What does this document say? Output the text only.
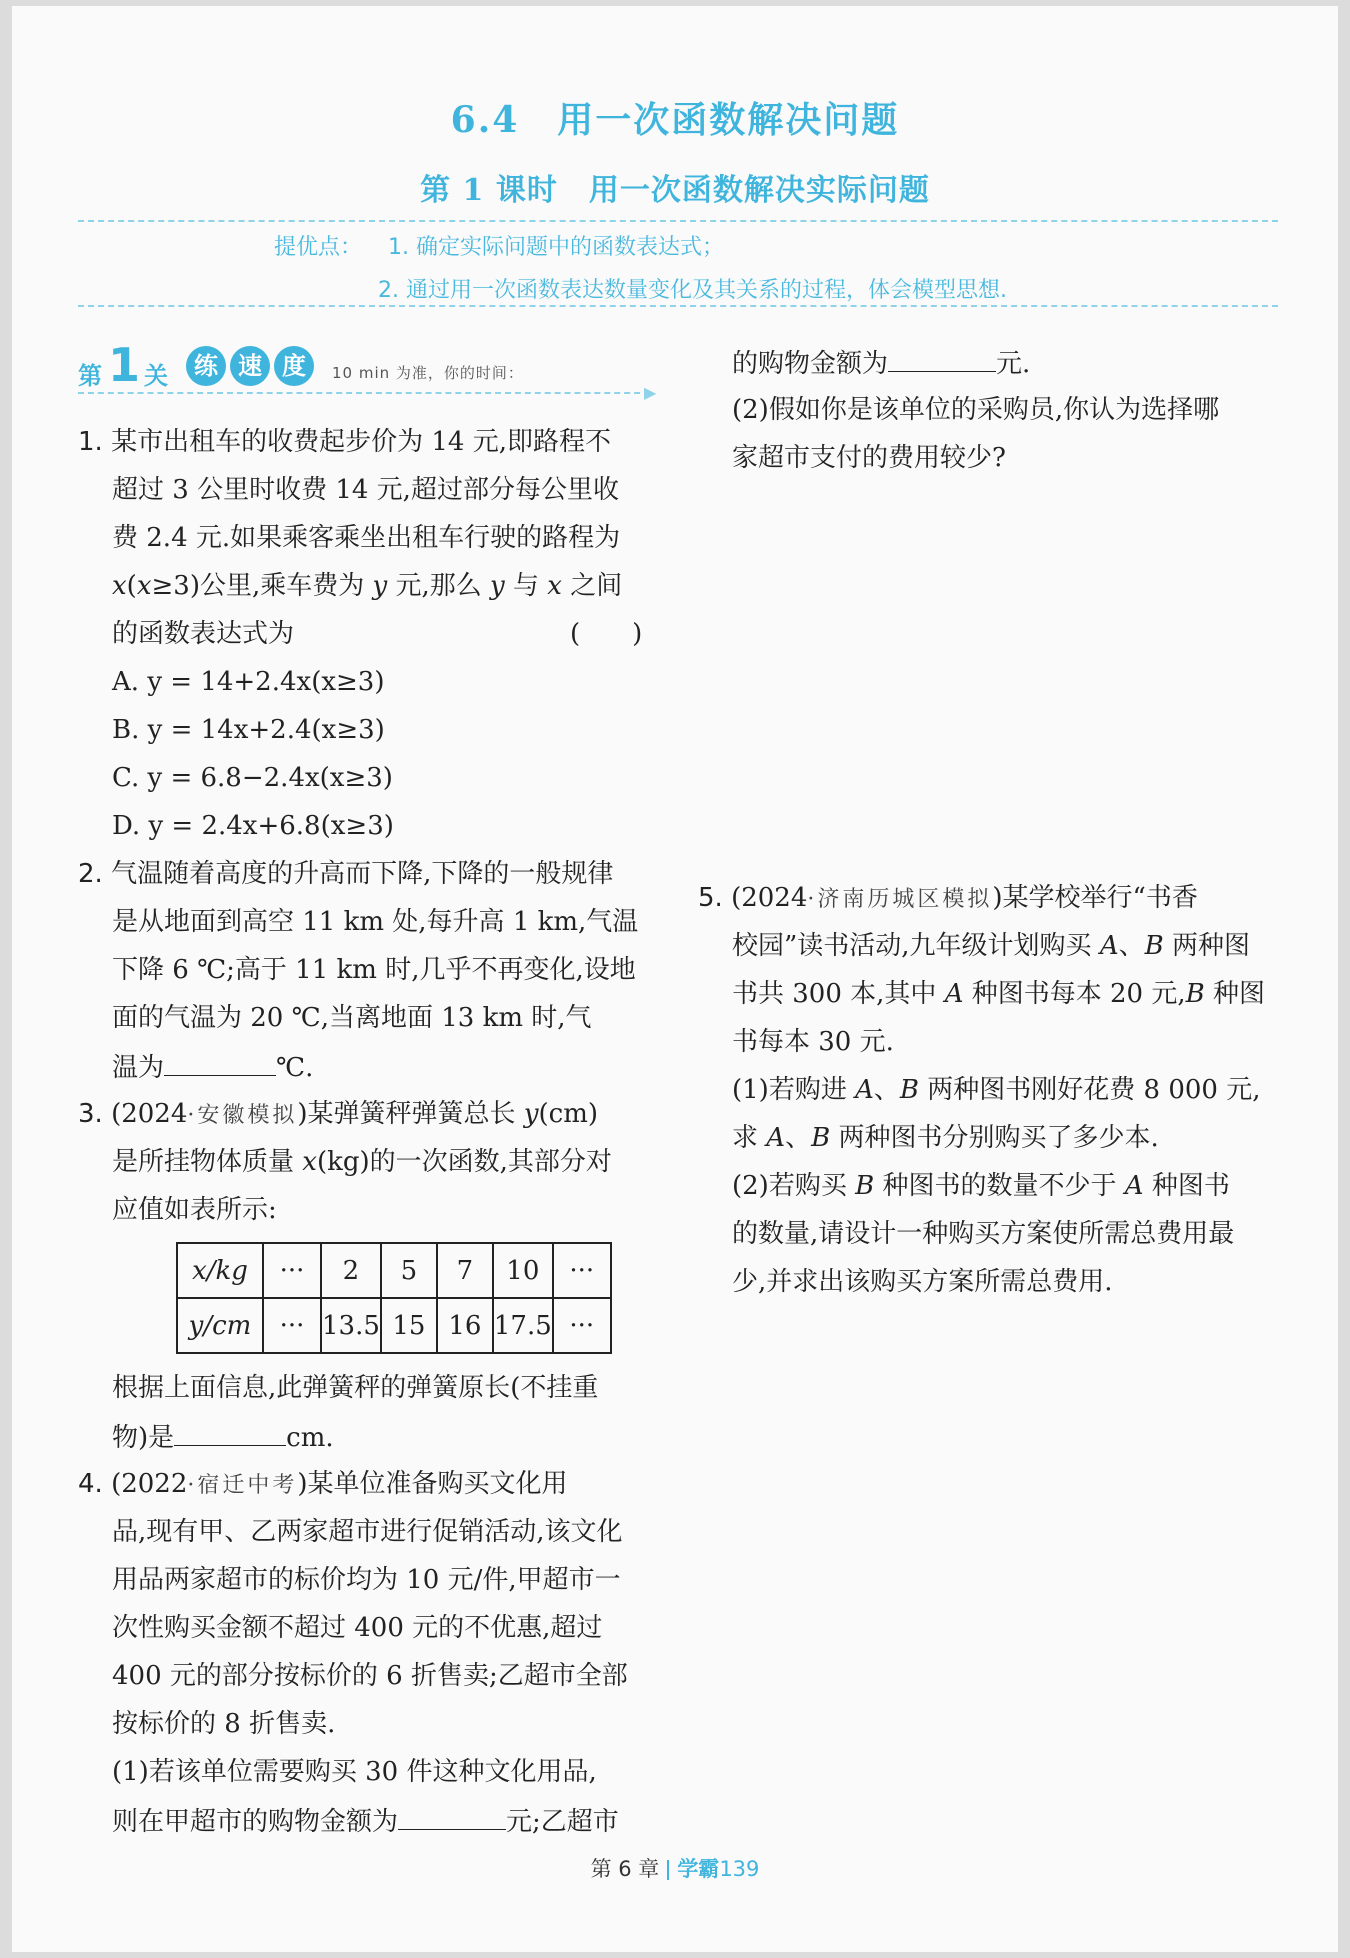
6.4　用一次函数解决问题
第 1 课时　用一次函数解决实际问题
提优点： 1. 确定实际问题中的函数表达式；
2. 通过用一次函数表达数量变化及其关系的过程，体会模型思想.
第 1 关	练 速 度	10 min 为准，你的时间：
▶
1. 某市出租车的收费起步价为 14 元,即路程不
超过 3 公里时收费 14 元,超过部分每公里收
费 2.4 元.如果乘客乘坐出租车行驶的路程为
x(x≥3)公里,乘车费为 y 元,那么 y 与 x 之间
的函数表达式为	(　　)
A. y = 14+2.4x(x≥3)
B. y = 14x+2.4(x≥3)
C. y = 6.8−2.4x(x≥3)
D. y = 2.4x+6.8(x≥3)
2. 气温随着高度的升高而下降,下降的一般规律
是从地面到高空 11 km 处,每升高 1 km,气温
下降 6 ℃;高于 11 km 时,几乎不再变化,设地
面的气温为 20 ℃,当离地面 13 km 时,气
温为	℃.
3. (2024·安徽模拟)某弹簧秤弹簧总长 y(cm)
是所挂物体质量 x(kg)的一次函数,其部分对
应值如表所示:
x/kg	···	2	5	7	10	···
y/cm	···	13.5	15	16	17.5	···
根据上面信息,此弹簧秤的弹簧原长(不挂重
物)是	cm.
4. (2022·宿迁中考)某单位准备购买文化用
品,现有甲、乙两家超市进行促销活动,该文化
用品两家超市的标价均为 10 元/件,甲超市一
次性购买金额不超过 400 元的不优惠,超过
400 元的部分按标价的 6 折售卖;乙超市全部
按标价的 8 折售卖.
(1)若该单位需要购买 30 件这种文化用品,
则在甲超市的购物金额为	元;乙超市
的购物金额为	元.
(2)假如你是该单位的采购员,你认为选择哪
家超市支付的费用较少?
5. (2024·济南历城区模拟)某学校举行“书香
校园”读书活动,九年级计划购买 A、B 两种图
书共 300 本,其中 A 种图书每本 20 元,B 种图
书每本 30 元.
(1)若购进 A、B 两种图书刚好花费 8 000 元,
求 A、B 两种图书分别购买了多少本.
(2)若购买 B 种图书的数量不少于 A 种图书
的数量,请设计一种购买方案使所需总费用最
少,并求出该购买方案所需总费用.
第 6 章 学霸139
